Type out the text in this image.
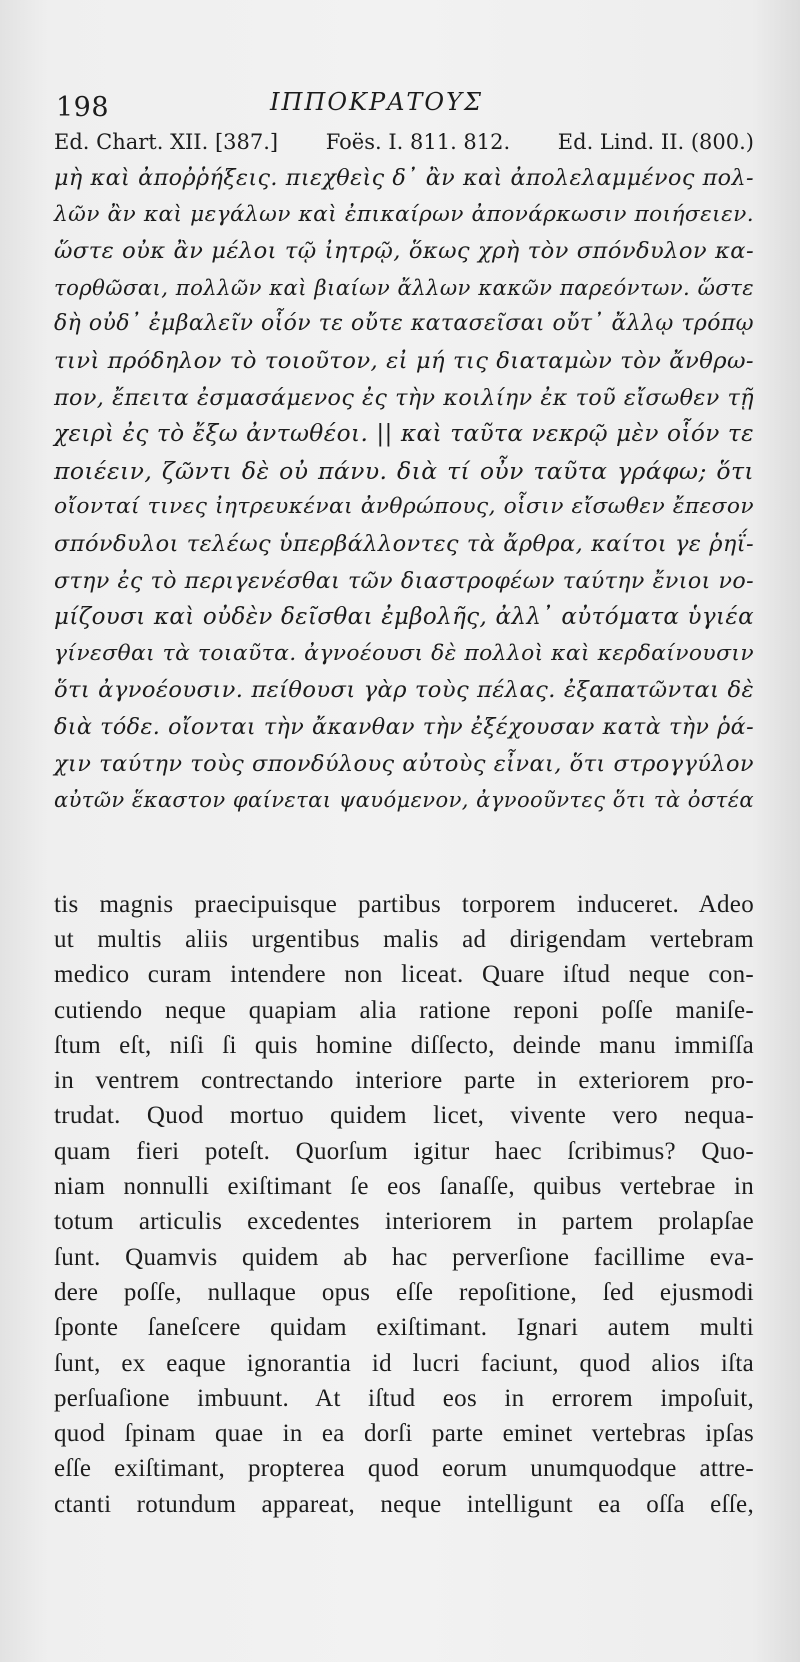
198	ΙΠΠΟΚΡΑΤΟΥΣ
Ed. Chart. XII. [387.] Foës. I. 811. 812. Ed. Lind. II. (800.)
μὴ καὶ ἀποῤῥήξεις. πιεχθεὶς δ᾿ ἂν καὶ ἀπολελαμμένος πολ-
λῶν ἂν καὶ μεγάλων καὶ ἐπικαίρων ἀπονάρκωσιν ποιήσειεν.
ὥστε οὐκ ἂν μέλοι τῷ ἰητρῷ, ὅκως χρὴ τὸν σπόνδυλον κα-
τορθῶσαι, πολλῶν καὶ βιαίων ἄλλων κακῶν παρεόντων. ὥστε
δὴ οὐδ᾿ ἐμβαλεῖν οἷόν τε οὔτε κατασεῖσαι οὔτ᾿ ἄλλῳ τρόπῳ
τινὶ πρόδηλον τὸ τοιοῦτον, εἰ μή τις διαταμὼν τὸν ἄνθρω-
πον, ἔπειτα ἐσμασάμενος ἐς τὴν κοιλίην ἐκ τοῦ εἴσωθεν τῇ
χειρὶ ἐς τὸ ἔξω ἀντωθέοι. || καὶ ταῦτα νεκρῷ μὲν οἷόν τε
ποιέειν, ζῶντι δὲ οὐ πάνυ. διὰ τί οὖν ταῦτα γράφω; ὅτι
οἴονταί τινες ἰητρευκέναι ἀνθρώπους, οἷσιν εἴσωθεν ἔπεσον
σπόνδυλοι τελέως ὑπερβάλλοντες τὰ ἄρθρα, καίτοι γε ῥηΐ-
στην ἐς τὸ περιγενέσθαι τῶν διαστροφέων ταύτην ἔνιοι νο-
μίζουσι καὶ οὐδὲν δεῖσθαι ἐμβολῆς, ἀλλ᾿ αὐτόματα ὑγιέα
γίνεσθαι τὰ τοιαῦτα. ἀγνοέουσι δὲ πολλοὶ καὶ κερδαίνουσιν
ὅτι ἀγνοέουσιν. πείθουσι γὰρ τοὺς πέλας. ἐξαπατῶνται δὲ
διὰ τόδε. οἴονται τὴν ἄκανθαν τὴν ἐξέχουσαν κατὰ τὴν ῥά-
χιν ταύτην τοὺς σπονδύλους αὐτοὺς εἶναι, ὅτι στρογγύλον
αὐτῶν ἕκαστον φαίνεται ψαυόμενον, ἀγνοοῦντες ὅτι τὰ ὀστέα
tis magnis praecipuisque partibus torporem induceret. Adeo
ut multis aliis urgentibus malis ad dirigendam vertebram
medico curam intendere non liceat. Quare iſtud neque con-
cutiendo neque quapiam alia ratione reponi poſſe maniſe-
ſtum eſt, niſi ſi quis homine diſſecto, deinde manu immiſſa
in ventrem contrectando interiore parte in exteriorem pro-
trudat. Quod mortuo quidem licet, vivente vero nequa-
quam fieri poteſt. Quorſum igitur haec ſcribimus? Quo-
niam nonnulli exiſtimant ſe eos ſanaſſe, quibus vertebrae in
totum articulis excedentes interiorem in partem prolapſae
ſunt. Quamvis quidem ab hac perverſione facillime eva-
dere poſſe, nullaque opus eſſe repoſitione, ſed ejusmodi
ſponte ſaneſcere quidam exiſtimant. Ignari autem multi
ſunt, ex eaque ignorantia id lucri faciunt, quod alios iſta
perſuaſione imbuunt. At iſtud eos in errorem impoſuit,
quod ſpinam quae in ea dorſi parte eminet vertebras ipſas
eſſe exiſtimant, propterea quod eorum unumquodque attre-
ctanti rotundum appareat, neque intelligunt ea oſſa eſſe,
